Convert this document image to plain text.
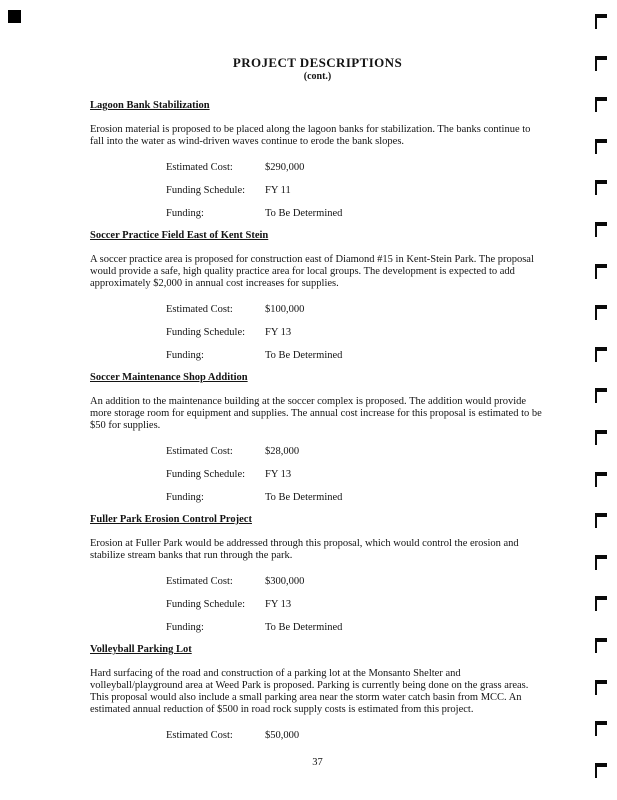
PROJECT DESCRIPTIONS
(cont.)
Lagoon Bank Stabilization

Erosion material is proposed to be placed along the lagoon banks for stabilization. The banks continue to fall into the water as wind-driven waves continue to erode the bank slopes.

Estimated Cost:	$290,000
Funding Schedule:	FY 11
Funding:	To Be Determined
Soccer Practice Field East of Kent Stein

A soccer practice area is proposed for construction east of Diamond #15 in Kent-Stein Park. The proposal would provide a safe, high quality practice area for local groups. The development is expected to add approximately $2,000 in annual cost increases for supplies.

Estimated Cost:	$100,000
Funding Schedule:	FY 13
Funding:	To Be Determined
Soccer Maintenance Shop Addition

An addition to the maintenance building at the soccer complex is proposed. The addition would provide more storage room for equipment and supplies. The annual cost increase for this proposal is estimated to be $50 for supplies.

Estimated Cost:	$28,000
Funding Schedule:	FY 13
Funding:	To Be Determined
Fuller Park Erosion Control Project

Erosion at Fuller Park would be addressed through this proposal, which would control the erosion and stabilize stream banks that run through the park.

Estimated Cost:	$300,000
Funding Schedule:	FY 13
Funding:	To Be Determined
Volleyball Parking Lot

Hard surfacing of the road and construction of a parking lot at the Monsanto Shelter and volleyball/playground area at Weed Park is proposed. Parking is currently being done on the grass areas. This proposal would also include a small parking area near the storm water catch basin from MCC. An estimated annual reduction of $500 in road rock supply costs is estimated from this project.

Estimated Cost:	$50,000
37
